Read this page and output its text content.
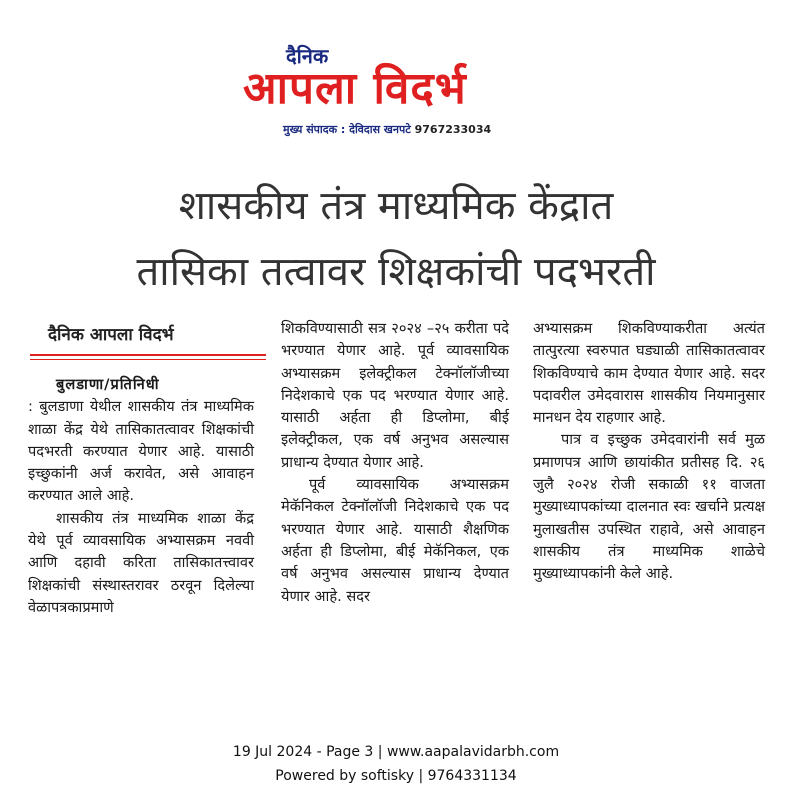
दैनिक
आपला विदर्भ
मुख्य संपादक : देविदास खनपटे 9767233034
शासकीय तंत्र माध्यमिक केंद्रात
तासिका तत्वावर शिक्षकांची पदभरती
दैनिक आपला विदर्भ

बुलडाणा/प्रतिनिधी

: बुलडाणा येथील शासकीय तंत्र माध्यमिक शाळा केंद्र येथे तासिकातत्वावर शिक्षकांची पदभरती करण्यात येणार आहे. यासाठी इच्छुकांनी अर्ज करावेत, असे आवाहन करण्यात आले आहे.

शासकीय तंत्र माध्यमिक शाळा केंद्र येथे पूर्व व्यावसायिक अभ्यासक्रम नववी आणि दहावी करिता तासिकातत्त्वावर शिक्षकांची संस्थास्तरावर ठरवून दिलेल्या वेळापत्रकाप्रमाणे

शिकविण्यासाठी सत्र २०२४ –२५ करीता पदे भरण्यात येणार आहे. पूर्व व्यावसायिक अभ्यासक्रम इलेक्ट्रीकल टेक्नॉलॉजीच्या निदेशकाचे एक पद भरण्यात येणार आहे. यासाठी अर्हता ही डिप्लोमा, बीई इलेक्ट्रीकल, एक वर्ष अनुभव असल्यास प्राधान्य देण्यात येणार आहे.

पूर्व व्यावसायिक अभ्यासक्रम मेकॅनिकल टेक्नॉलॉजी निदेशकाचे एक पद भरण्यात येणार आहे. यासाठी शैक्षणिक अर्हता ही डिप्लोमा, बीई मेकॅनिकल, एक वर्ष अनुभव असल्यास प्राधान्य देण्यात येणार आहे. सदर

अभ्यासक्रम शिकविण्याकरीता अत्यंत तात्पुरत्या स्वरुपात घड्याळी तासिकातत्वावर शिकविण्याचे काम देण्यात येणार आहे. सदर पदावरील उमेदवारास शासकीय नियमानुसार मानधन देय राहणार आहे.

पात्र व इच्छुक उमेदवारांनी सर्व मुळ प्रमाणपत्र आणि छायांकीत प्रतीसह दि. २६ जुलै २०२४ रोजी सकाळी ११ वाजता मुख्याध्यापकांच्या दालनात स्वः खर्चाने प्रत्यक्ष मुलाखतीस उपस्थित राहावे, असे आवाहन शासकीय तंत्र माध्यमिक शाळेचे मुख्याध्यापकांनी केले आहे.

19 Jul 2024 - Page 3 | www.aapalavidarbh.com
Powered by softisky | 9764331134
